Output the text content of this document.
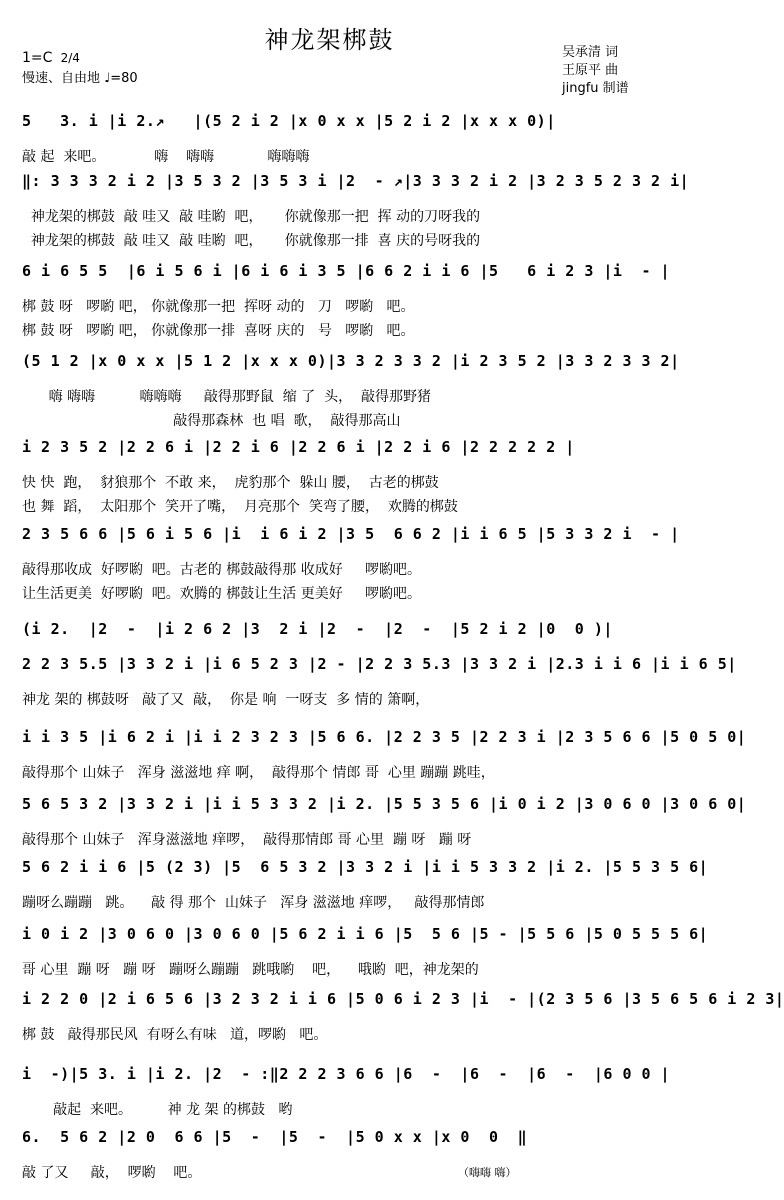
神龙架梆鼓
1=C 2/4
慢速、自由地 ♩=80
吴承清 词
王原平 曲
jingfu 制谱
5   3. i |i 2.↗   |(5 2 i 2 |x 0 x x |5 2 i 2 |x x x 0)|
敲 起  来吧。           嗨    嗨嗨            嗨嗨嗨
‖: 3 3 3 2 i 2 |3 5 3 2 |3 5 3 i |2  - ↗|3 3 3 2 i 2 |3 2 3 5 2 3 2 i|
神龙架的梆鼓  敲 哇又  敲 哇喲  吧，     你就像那一把  挥 动的刀呀我的
神龙架的梆鼓  敲 哇又  敲 哇喲  吧，     你就像那一排  喜 庆的号呀我的
6 i 6 5 5  |6 i 5 6 i |6 i 6 i 3 5 |6 6 2 i i 6 |5   6 i 2 3 |i  - |
梆 鼓 呀   啰喲 吧， 你就像那一把  挥呀 动的   刀   啰喲   吧。
梆 鼓 呀   啰喲 吧， 你就像那一排  喜呀 庆的   号   啰喲   吧。
(5 1 2 |x 0 x x |5 1 2 |x x x 0)|3 3 2 3 3 2 |i 2 3 5 2 |3 3 2 3 3 2|
嗨 嗨嗨          嗨嗨嗨     敲得那野鼠  缩 了  头，  敲得那野猪
敲得那森林  也 唱  歌，  敲得那高山
i 2 3 5 2 |2 2 6 i |2 2 i 6 |2 2 6 i |2 2 i 6 |2 2 2 2 2 |
快 快  跑，  豺狼那个  不敢 来，  虎豹那个  躲山 腰，  古老的梆鼓
也 舞  蹈，  太阳那个  笑开了嘴，  月亮那个  笑弯了腰，  欢腾的梆鼓
2 3 5 6 6 |5 6 i 5 6 |i  i 6 i 2 |3 5  6 6 2 |i i 6 5 |5 3 3 2 i  - |
敲得那收成  好啰喲  吧。古老的 梆鼓敲得那 收成好     啰喲吧。
让生活更美  好啰喲  吧。欢腾的 梆鼓让生活 更美好     啰喲吧。
(i 2.  |2  -  |i 2 6 2 |3  2 i |2  -  |2  -  |5 2 i 2 |0  0 )|
2 2 3 5.5 |3 3 2 i |i 6 5 2 3 |2 - |2 2 3 5.3 |3 3 2 i |2.3 i i 6 |i i 6 5|
神龙 架的 梆鼓呀   敲了又  敲，  你是 响  一呀支  多 情的 箫啊，
i i 3 5 |i 6 2 i |i i 2 3 2 3 |5 6 6. |2 2 3 5 |2 2 3 i |2 3 5 6 6 |5 0 5 0|
敲得那个 山妹子   浑身 滋滋地 痒 啊，  敲得那个 情郎 哥  心里 蹦蹦 跳哇，
5 6 5 3 2 |3 3 2 i |i i 5 3 3 2 |i 2. |5 5 3 5 6 |i 0 i 2 |3 0 6 0 |3 0 6 0|
敲得那个 山妹子   浑身滋滋地 痒啰，  敲得那情郎 哥 心里  蹦 呀   蹦 呀
5 6 2 i i 6 |5 (2 3) |5  6 5 3 2 |3 3 2 i |i i 5 3 3 2 |i 2. |5 5 3 5 6|
蹦呀么蹦蹦   跳。    敲 得 那个  山妹子   浑身 滋滋地 痒啰，   敲得那情郎
i 0 i 2 |3 0 6 0 |3 0 6 0 |5 6 2 i i 6 |5  5 6 |5 - |5 5 6 |5 0 5 5 5 6|
哥 心里  蹦 呀   蹦 呀   蹦呀么蹦蹦   跳哦喲    吧，    哦喲  吧，神龙架的
i 2 2 0 |2 i 6 5 6 |3 2 3 2 i i 6 |5 0 6 i 2 3 |i  - |(2 3 5 6 |3 5 6 5 6 i 2 3|
梆 鼓   敲得那民风  有呀么有味   道，啰喲   吧。
i  -)|5 3. i |i 2. |2  - :‖2 2 2 3 6 6 |6  -  |6  -  |6  -  |6 0 0 |
敲起  来吧。        神 龙 架 的梆鼓   哟
6.  5 6 2 |2 0  6 6 |5  -  |5  -  |5 0 x x |x 0  0  ‖
敲 了又     敲，  啰喲    吧。	（嗨嗨 嗨）
